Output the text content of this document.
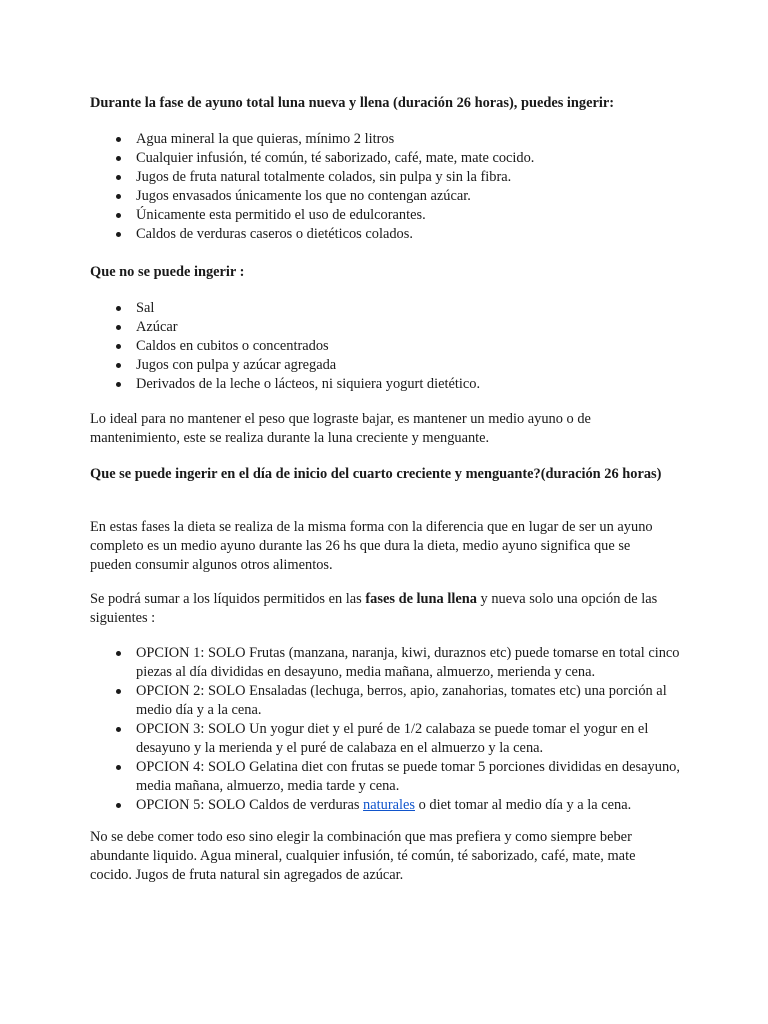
Durante la fase de ayuno total luna nueva y llena (duración 26 horas), puedes ingerir:

Agua mineral la que quieras, mínimo 2 litros
Cualquier infusión, té común, té saborizado, café, mate, mate cocido.
Jugos de fruta natural totalmente colados, sin pulpa y sin la fibra.
Jugos envasados únicamente los que no contengan azúcar.
Únicamente esta permitido el uso de edulcorantes.
Caldos de verduras caseros o dietéticos colados.

Que no se puede ingerir :

Sal
Azúcar
Caldos en cubitos o concentrados
Jugos con pulpa y azúcar agregada
Derivados de la leche o lácteos, ni siquiera yogurt dietético.

Lo ideal para no mantener el peso que lograste bajar, es mantener un medio ayuno o de mantenimiento, este se realiza durante la luna creciente y menguante.

Que se puede ingerir en el día de inicio del cuarto creciente y menguante?(duración 26 horas)

En estas fases la dieta se realiza de la misma forma con la diferencia que en lugar de ser un ayuno completo es un medio ayuno durante las 26 hs que dura la dieta, medio ayuno significa que se pueden consumir algunos otros alimentos.

Se podrá sumar a los líquidos permitidos en las fases de luna llena y nueva solo una opción de las siguientes :

OPCION 1: SOLO Frutas (manzana, naranja, kiwi, duraznos etc) puede tomarse en total cinco piezas al día divididas en desayuno, media mañana, almuerzo, merienda y cena.
OPCION 2: SOLO Ensaladas (lechuga, berros, apio, zanahorias, tomates etc) una porción al medio día y a la cena.
OPCION 3: SOLO Un yogur diet y el puré de 1/2 calabaza se puede tomar el yogur en el desayuno y la merienda y el puré de calabaza en el almuerzo y la cena.
OPCION 4: SOLO Gelatina diet con frutas se puede tomar 5 porciones divididas en desayuno, media mañana, almuerzo, media tarde y cena.
OPCION 5: SOLO Caldos de verduras naturales o diet tomar al medio día y a la cena.

No se debe comer todo eso sino elegir la combinación que mas prefiera y como siempre beber abundante liquido. Agua mineral, cualquier infusión, té común, té saborizado, café, mate, mate cocido. Jugos de fruta natural sin agregados de azúcar.
